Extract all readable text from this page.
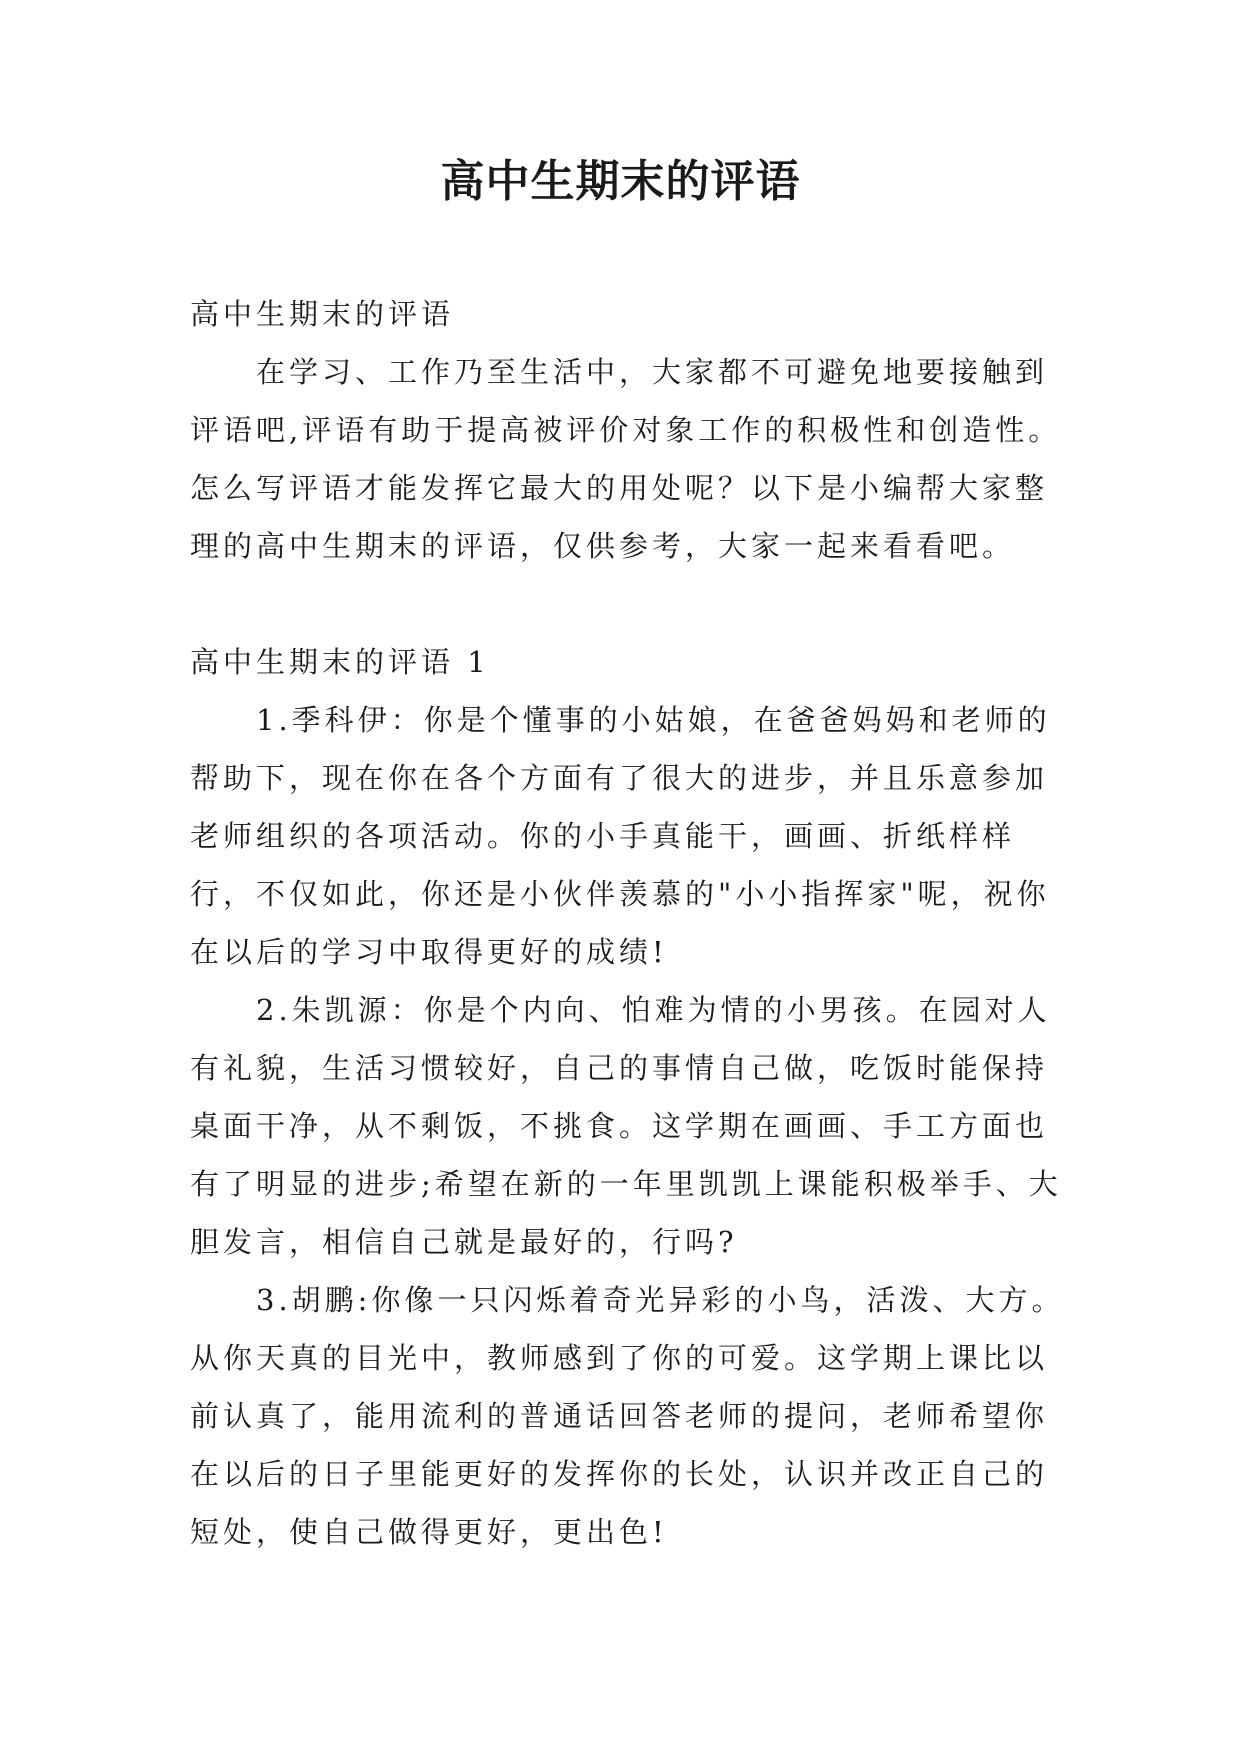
高中生期末的评语

高中生期末的评语

在学习、工作乃至生活中，大家都不可避免地要接触到评语吧,评语有助于提高被评价对象工作的积极性和创造性。怎么写评语才能发挥它最大的用处呢？以下是小编帮大家整理的高中生期末的评语，仅供参考，大家一起来看看吧。

高中生期末的评语 1

1.季科伊：你是个懂事的小姑娘，在爸爸妈妈和老师的帮助下，现在你在各个方面有了很大的进步，并且乐意参加老师组织的各项活动。你的小手真能干，画画、折纸样样行，不仅如此，你还是小伙伴羡慕的"小小指挥家"呢，祝你在以后的学习中取得更好的成绩!

2.朱凯源：你是个内向、怕难为情的小男孩。在园对人有礼貌，生活习惯较好，自己的事情自己做，吃饭时能保持桌面干净，从不剩饭，不挑食。这学期在画画、手工方面也有了明显的进步;希望在新的一年里凯凯上课能积极举手、大胆发言，相信自己就是最好的，行吗?

3.胡鹏:你像一只闪烁着奇光异彩的小鸟，活泼、大方。从你天真的目光中，教师感到了你的可爱。这学期上课比以前认真了，能用流利的普通话回答老师的提问，老师希望你在以后的日子里能更好的发挥你的长处，认识并改正自己的短处，使自己做得更好，更出色!
